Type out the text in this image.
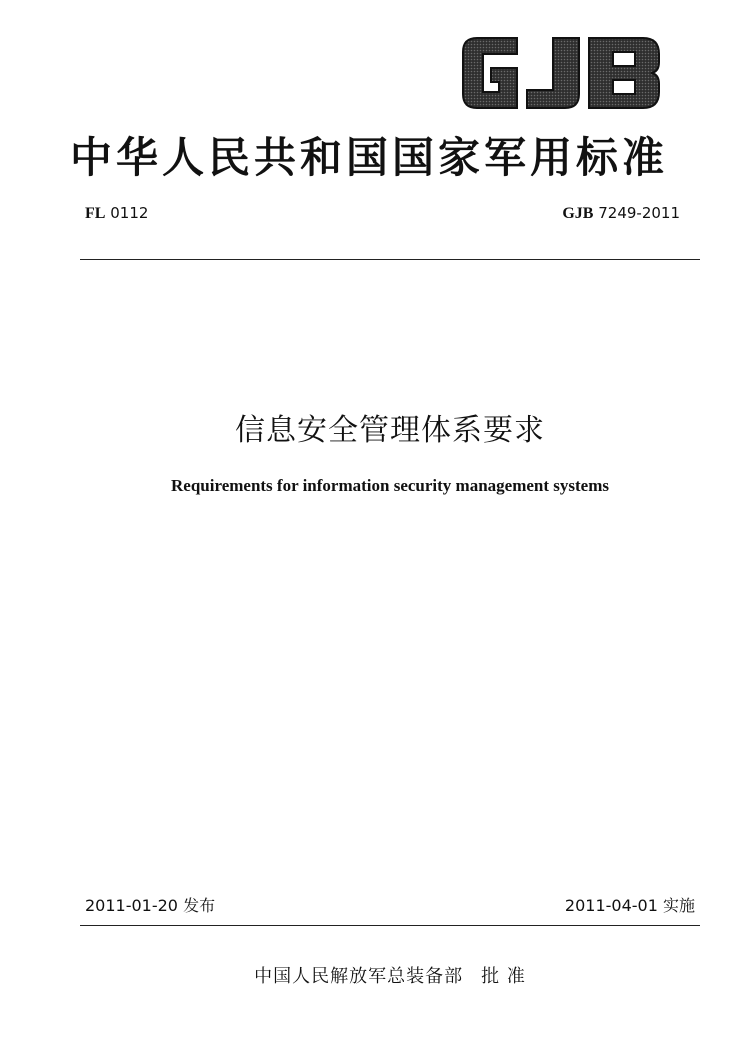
GJB
中华人民共和国国家军用标准
FL 0112	GJB 7249-2011
信息安全管理体系要求
Requirements for information security management systems
2011-01-20 发布	2011-04-01 实施
中国人民解放军总装备部 批 准
